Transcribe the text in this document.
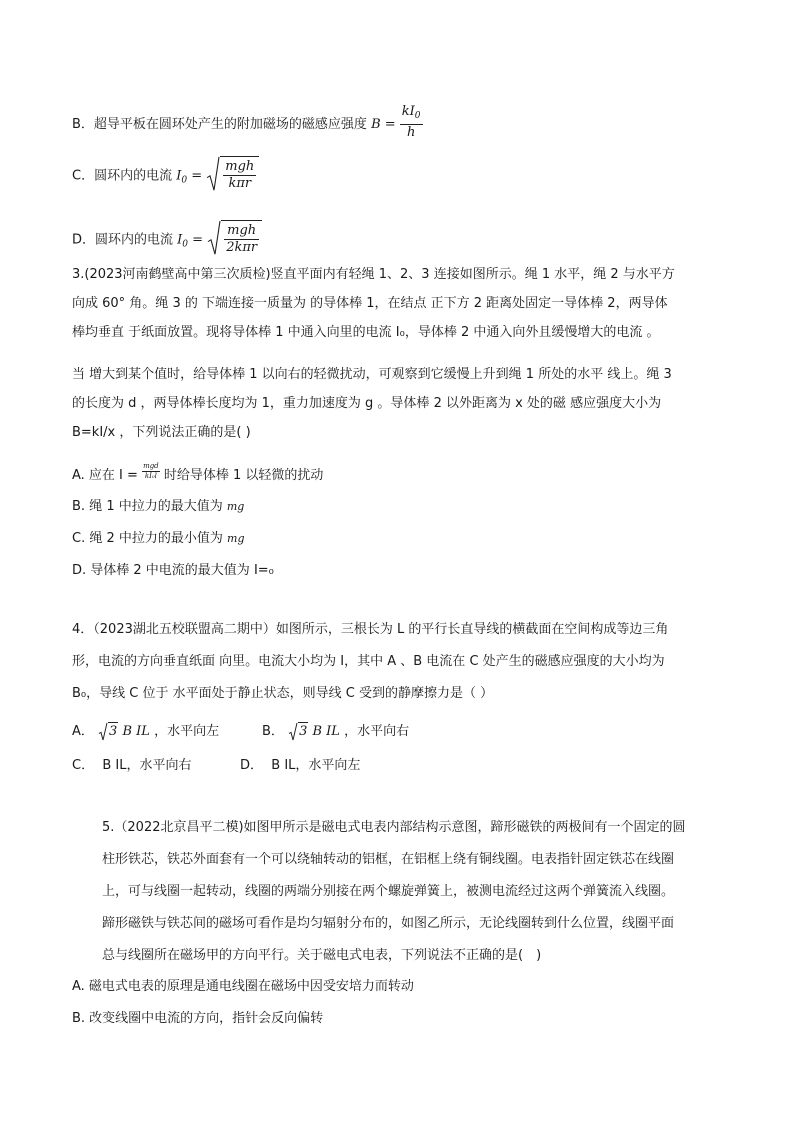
B．超导平板在圆环处产生的附加磁场的磁感应强度 $B = \frac{kI_0}{h}$
C．圆环内的电流 $I_0 = \frac{\text{mgh}}{\text{kπr}}$
D．圆环内的电流 $I_0 = \frac{\text{mgh}}{\text{2kπr}}$
3.(2023河南鹤壁高中第三次质检)竖直平面内有轻绳 1、2、3 连接如图所示。绳 1 水平，绳 2 与水平方
向成 60° 角。绳 3 的 下端连接一质量为 的导体棒 1，在结点 正下方 2 距离处固定一导体棒 2，两导体
棒均垂直 于纸面放置。现将导体棒 1 中通入向里的电流 I₀，导体棒 2 中通入向外且缓慢增大的电流 。
当 增大到某个值时，给导体棒 1 以向右的轻微扰动，可观察到它缓慢上升到绳 1 所处的水平 线上。绳 3
的长度为 d ，两导体棒长度均为 1，重力加速度为 g 。导体棒 2 以外距离为 x 处的磁 感应强度大小为
B=kI/x ，下列说法正确的是( )
A. 应在 $I = \frac{\text{mgd}}{\text{kI₀l}}$ 时给导体棒 1 以轻微的扰动
B. 绳 1 中拉力的最大值为 mg
C. 绳 2 中拉力的最小值为 mg
D. 导体棒 2 中电流的最大值为 I=₀
4．（2023湖北五校联盟高二期中）如图所示，三根长为 L 的平行长直导线的横截面在空间构成等边三角
形，电流的方向垂直纸面 向里。电流大小均为 I，其中 A 、B 电流在 C 处产生的磁感应强度的大小均为
B₀，导线 C 位于 水平面处于静止状态，则导线 C 受到的静摩擦力是（ ）
A． 3 B IL ，水平向左	B． 3 B IL ，水平向右
C．  B IL，水平向右	D．  B IL，水平向左
5.（2022北京昌平二模)如图甲所示是磁电式电表内部结构示意图，蹄形磁铁的两极间有一个固定的圆
柱形铁芯，铁芯外面套有一个可以绕轴转动的铝框，在铝框上绕有铜线圈。电表指针固定铁芯在线圈
上，可与线圈一起转动，线圈的两端分别接在两个螺旋弹簧上，被测电流经过这两个弹簧流入线圈。
蹄形磁铁与铁芯间的磁场可看作是均匀辐射分布的，如图乙所示，无论线圈转到什么位置，线圈平面
总与线圈所在磁场甲的方向平行。关于磁电式电表，下列说法不正确的是(　)
A. 磁电式电表的原理是通电线圈在磁场中因受安培力而转动
B. 改变线圈中电流的方向，指针会反向偏转
